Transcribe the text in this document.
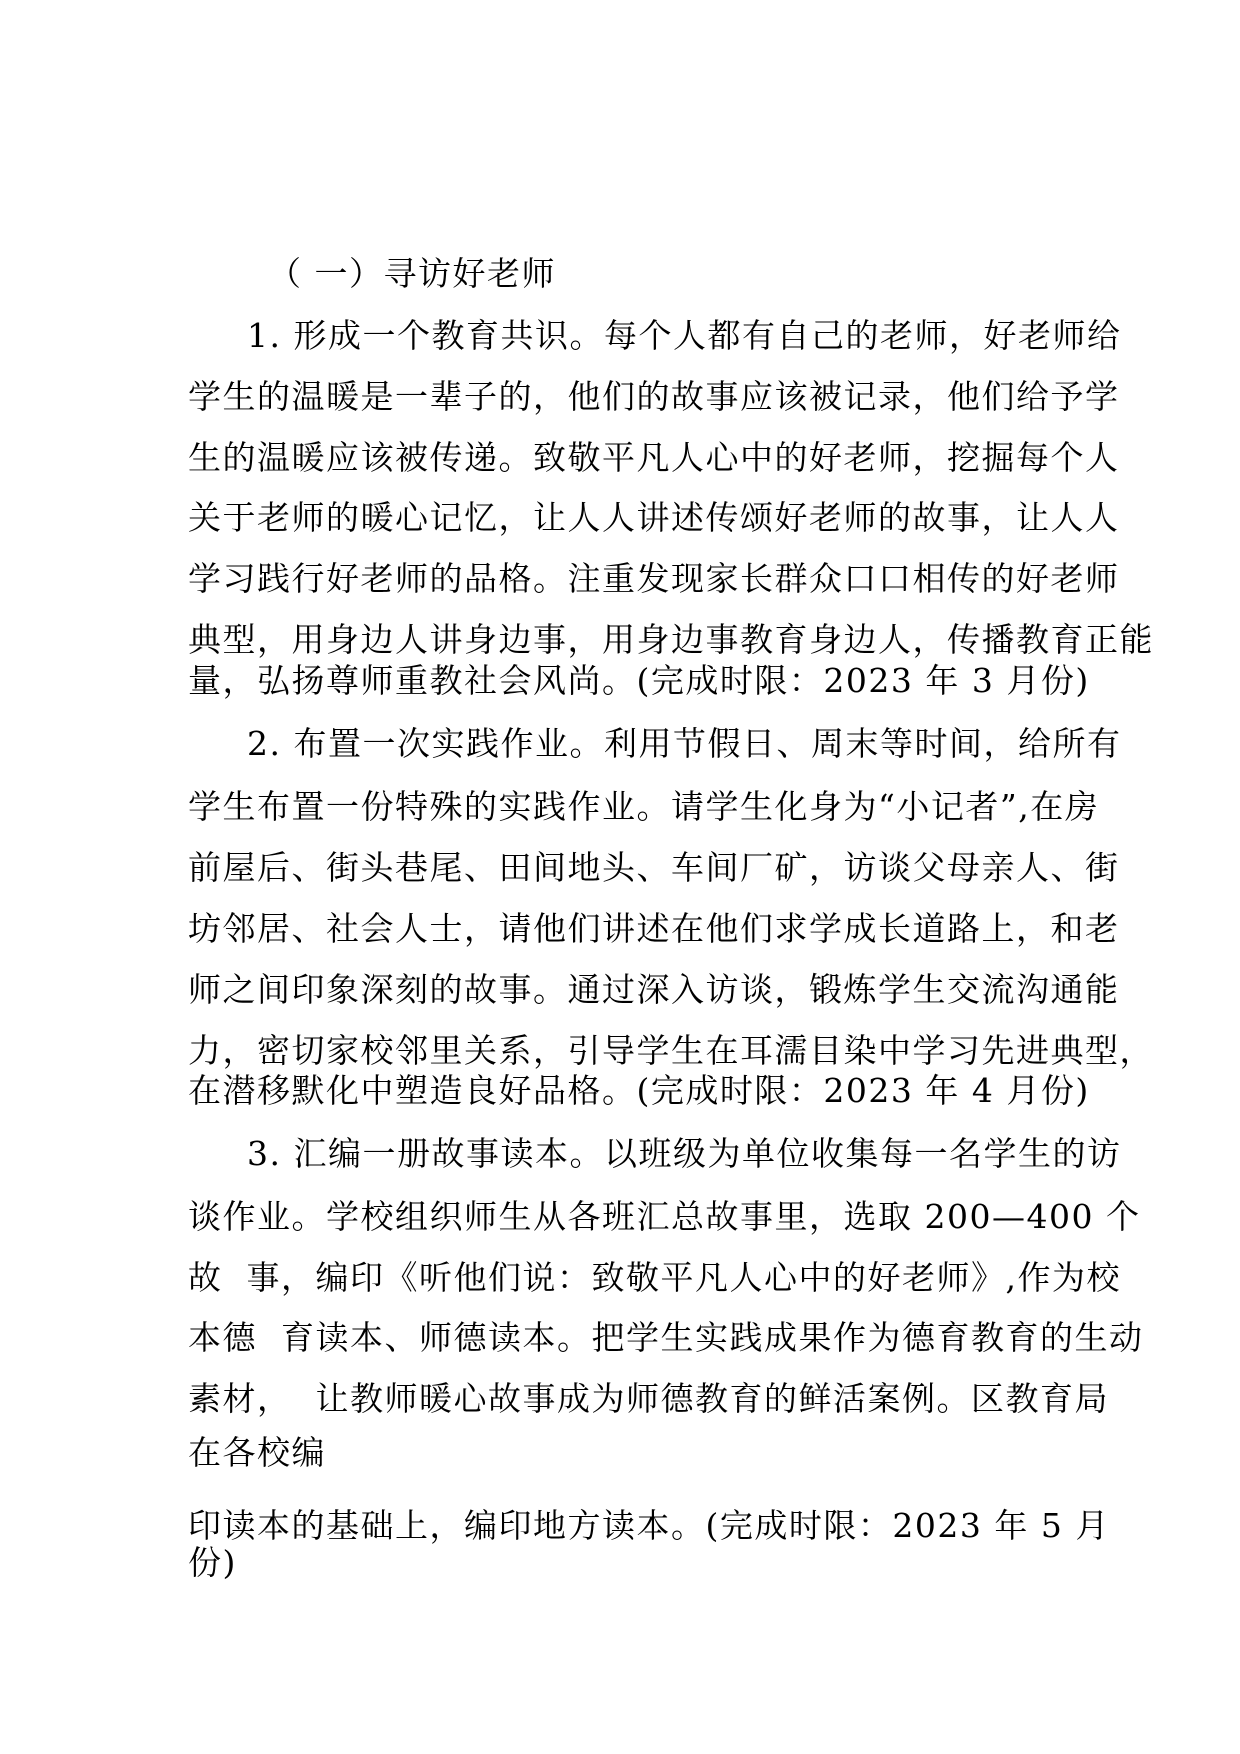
（ 一）寻访好老师

1. 形成一个教育共识。每个人都有自己的老师，好老师给

学生的温暖是一辈子的，他们的故事应该被记录，他们给予学

生的温暖应该被传递。致敬平凡人心中的好老师，挖掘每个人

关于老师的暖心记忆，让人人讲述传颂好老师的故事，让人人

学习践行好老师的品格。注重发现家长群众口口相传的好老师

典型，用身边人讲身边事，用身边事教育身边人，传播教育正能

量，弘扬尊师重教社会风尚。(完成时限：2023 年 3 月份)

2. 布置一次实践作业。利用节假日、周末等时间，给所有

学生布置一份特殊的实践作业。请学生化身为“小记者”,在房

前屋后、街头巷尾、田间地头、车间厂矿，访谈父母亲人、街

坊邻居、社会人士，请他们讲述在他们求学成长道路上，和老

师之间印象深刻的故事。通过深入访谈，锻炼学生交流沟通能

力，密切家校邻里关系，引导学生在耳濡目染中学习先进典型，

在潜移默化中塑造良好品格。(完成时限：2023 年 4 月份)

3. 汇编一册故事读本。以班级为单位收集每一名学生的访

谈作业。学校组织师生从各班汇总故事里，选取 200—400 个

故  事，编印《听他们说：致敬平凡人心中的好老师》,作为校

本德  育读本、师德读本。把学生实践成果作为德育教育的生动

素材，  让教师暖心故事成为师德教育的鲜活案例。区教育局

在各校编

印读本的基础上，编印地方读本。(完成时限：2023 年 5 月

份)
